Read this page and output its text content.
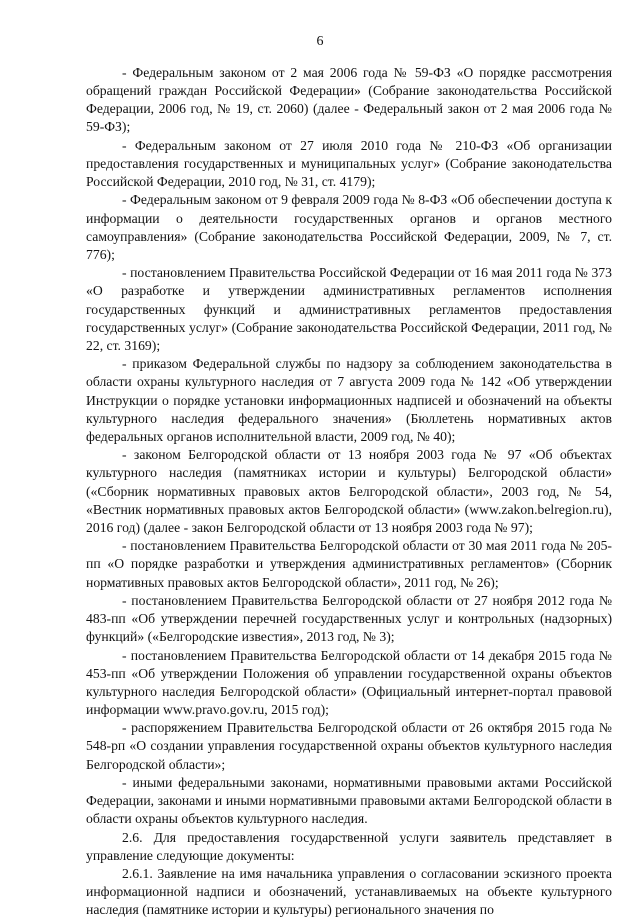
6

- Федеральным законом от 2 мая 2006 года № 59-ФЗ «О порядке рассмотрения обращений граждан Российской Федерации» (Собрание законодательства Российской Федерации, 2006 год, № 19, ст. 2060) (далее - Федеральный закон от 2 мая 2006 года № 59-ФЗ);

- Федеральным законом от 27 июля 2010 года № 210-ФЗ «Об организации предоставления государственных и муниципальных услуг» (Собрание законодательства Российской Федерации, 2010 год, № 31, ст. 4179);

- Федеральным законом от 9 февраля 2009 года № 8-ФЗ «Об обеспечении доступа к информации о деятельности государственных органов и органов местного самоуправления» (Собрание законодательства Российской Федерации, 2009, № 7, ст. 776);

- постановлением Правительства Российской Федерации от 16 мая 2011 года № 373 «О разработке и утверждении административных регламентов исполнения государственных функций и административных регламентов предоставления государственных услуг» (Собрание законодательства Российской Федерации, 2011 год, № 22, ст. 3169);

- приказом Федеральной службы по надзору за соблюдением законодательства в области охраны культурного наследия от 7 августа 2009 года № 142 «Об утверждении Инструкции о порядке установки информационных надписей и обозначений на объекты культурного наследия федерального значения» (Бюллетень нормативных актов федеральных органов исполнительной власти, 2009 год, № 40);

- законом Белгородской области от 13 ноября 2003 года № 97 «Об объектах культурного наследия (памятниках истории и культуры) Белгородской области» («Сборник нормативных правовых актов Белгородской области», 2003 год, № 54, «Вестник нормативных правовых актов Белгородской области» (www.zakon.belregion.ru), 2016 год) (далее - закон Белгородской области от 13 ноября 2003 года № 97);

- постановлением Правительства Белгородской области от 30 мая 2011 года № 205-пп «О порядке разработки и утверждения административных регламентов» (Сборник нормативных правовых актов Белгородской области», 2011 год, № 26);

- постановлением Правительства Белгородской области от 27 ноября 2012 года № 483-пп «Об утверждении перечней государственных услуг и контрольных (надзорных) функций» («Белгородские известия», 2013 год, № 3);

- постановлением Правительства Белгородской области от 14 декабря 2015 года № 453-пп «Об утверждении Положения об управлении государственной охраны объектов культурного наследия Белгородской области» (Официальный интернет-портал правовой информации www.pravo.gov.ru, 2015 год);

- распоряжением Правительства Белгородской области от 26 октября 2015 года № 548-рп «О создании управления государственной охраны объектов культурного наследия Белгородской области»;

- иными федеральными законами, нормативными правовыми актами Российской Федерации, законами и иными нормативными правовыми актами Белгородской области в области охраны объектов культурного наследия.

2.6. Для предоставления государственной услуги заявитель представляет в управление следующие документы:

2.6.1. Заявление на имя начальника управления о согласовании эскизного проекта информационной надписи и обозначений, устанавливаемых на объекте культурного наследия (памятнике истории и культуры) регионального значения по
